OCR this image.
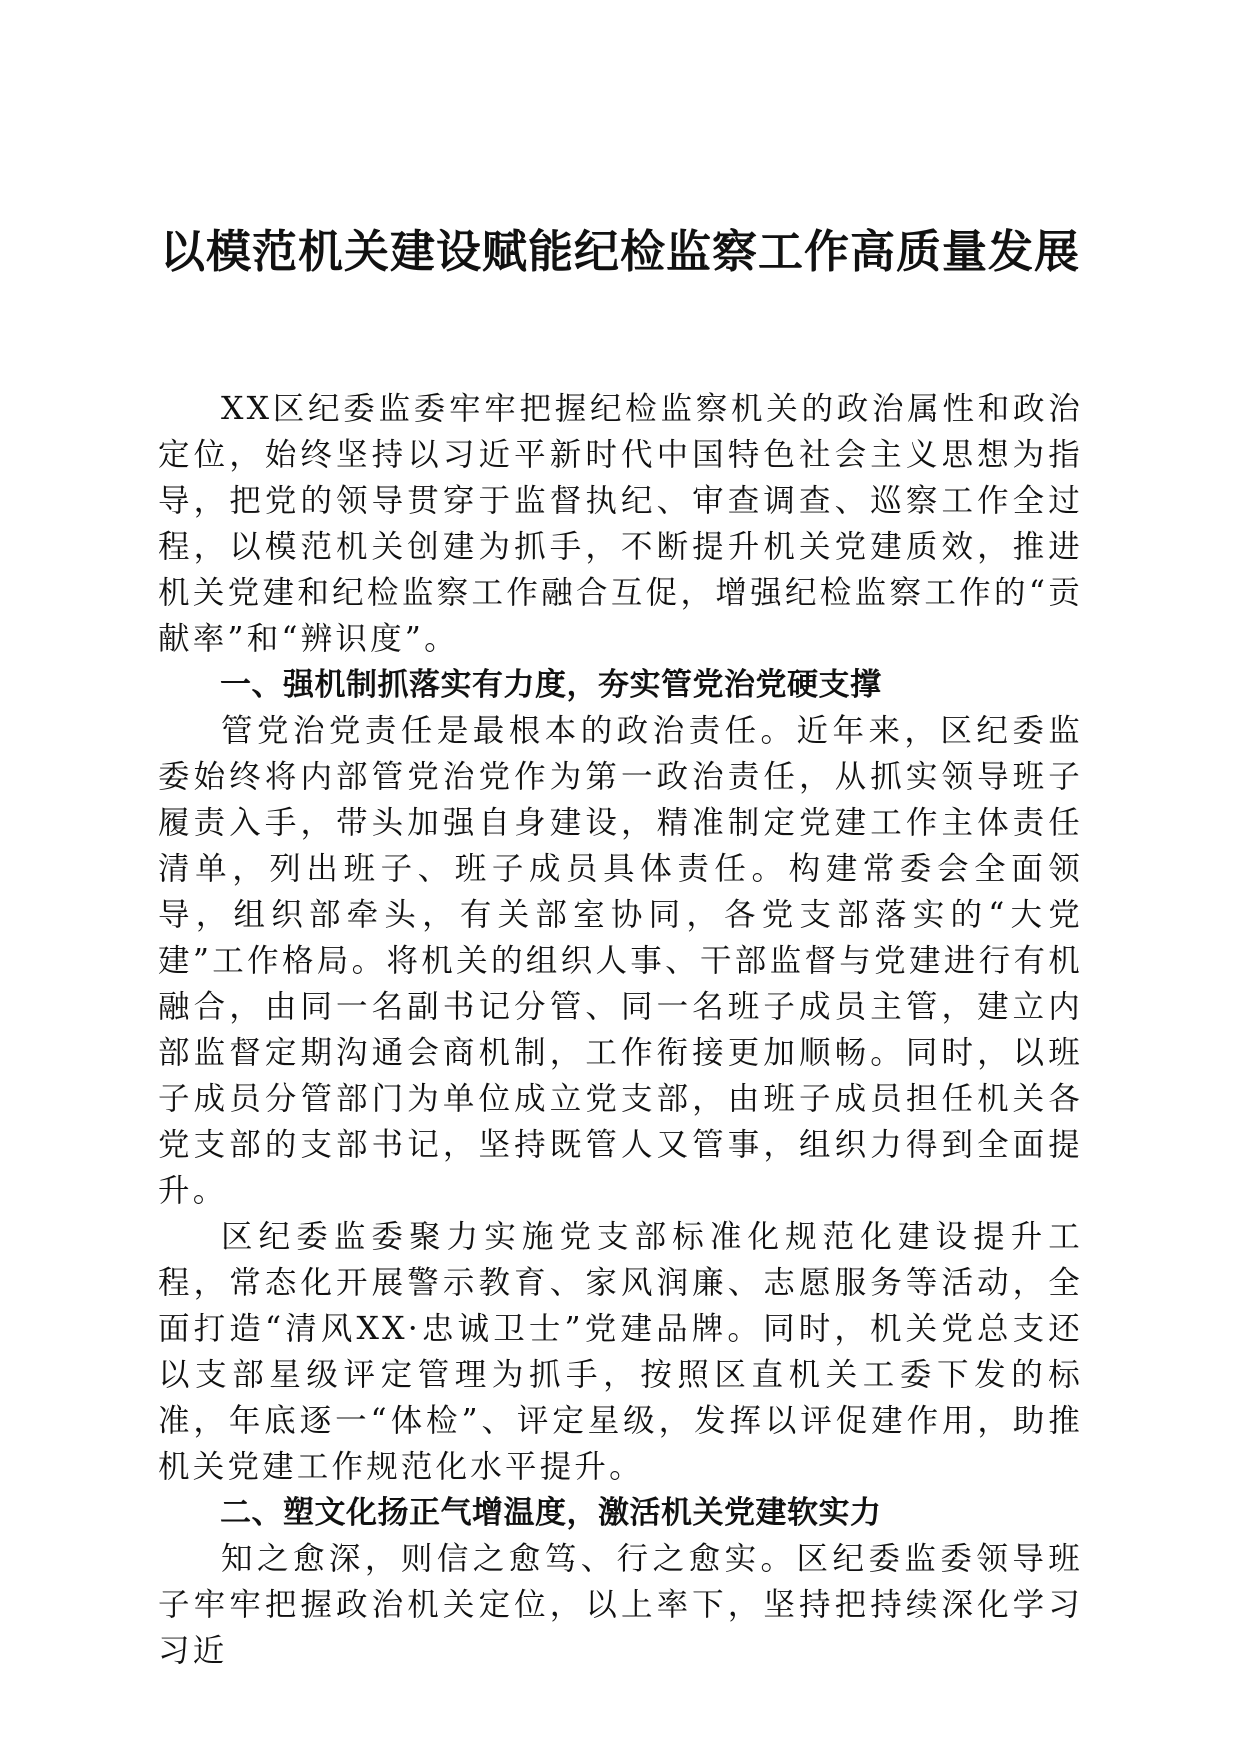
以模范机关建设赋能纪检监察工作高质量发展

XX区纪委监委牢牢把握纪检监察机关的政治属性和政治定位，始终坚持以习近平新时代中国特色社会主义思想为指导，把党的领导贯穿于监督执纪、审查调查、巡察工作全过程，以模范机关创建为抓手，不断提升机关党建质效，推进机关党建和纪检监察工作融合互促，增强纪检监察工作的“贡献率”和“辨识度”。

一、强机制抓落实有力度，夯实管党治党硬支撑

管党治党责任是最根本的政治责任。近年来，区纪委监委始终将内部管党治党作为第一政治责任，从抓实领导班子履责入手，带头加强自身建设，精准制定党建工作主体责任清单，列出班子、班子成员具体责任。构建常委会全面领导，组织部牵头，有关部室协同，各党支部落实的“大党建”工作格局。将机关的组织人事、干部监督与党建进行有机融合，由同一名副书记分管、同一名班子成员主管，建立内部监督定期沟通会商机制，工作衔接更加顺畅。同时，以班子成员分管部门为单位成立党支部，由班子成员担任机关各党支部的支部书记，坚持既管人又管事，组织力得到全面提升。

区纪委监委聚力实施党支部标准化规范化建设提升工程，常态化开展警示教育、家风润廉、志愿服务等活动，全面打造“清风XX·忠诚卫士”党建品牌。同时，机关党总支还以支部星级评定管理为抓手，按照区直机关工委下发的标准，年底逐一“体检”、评定星级，发挥以评促建作用，助推机关党建工作规范化水平提升。

二、塑文化扬正气增温度，激活机关党建软实力

知之愈深，则信之愈笃、行之愈实。区纪委监委领导班子牢牢把握政治机关定位，以上率下，坚持把持续深化学习习近
